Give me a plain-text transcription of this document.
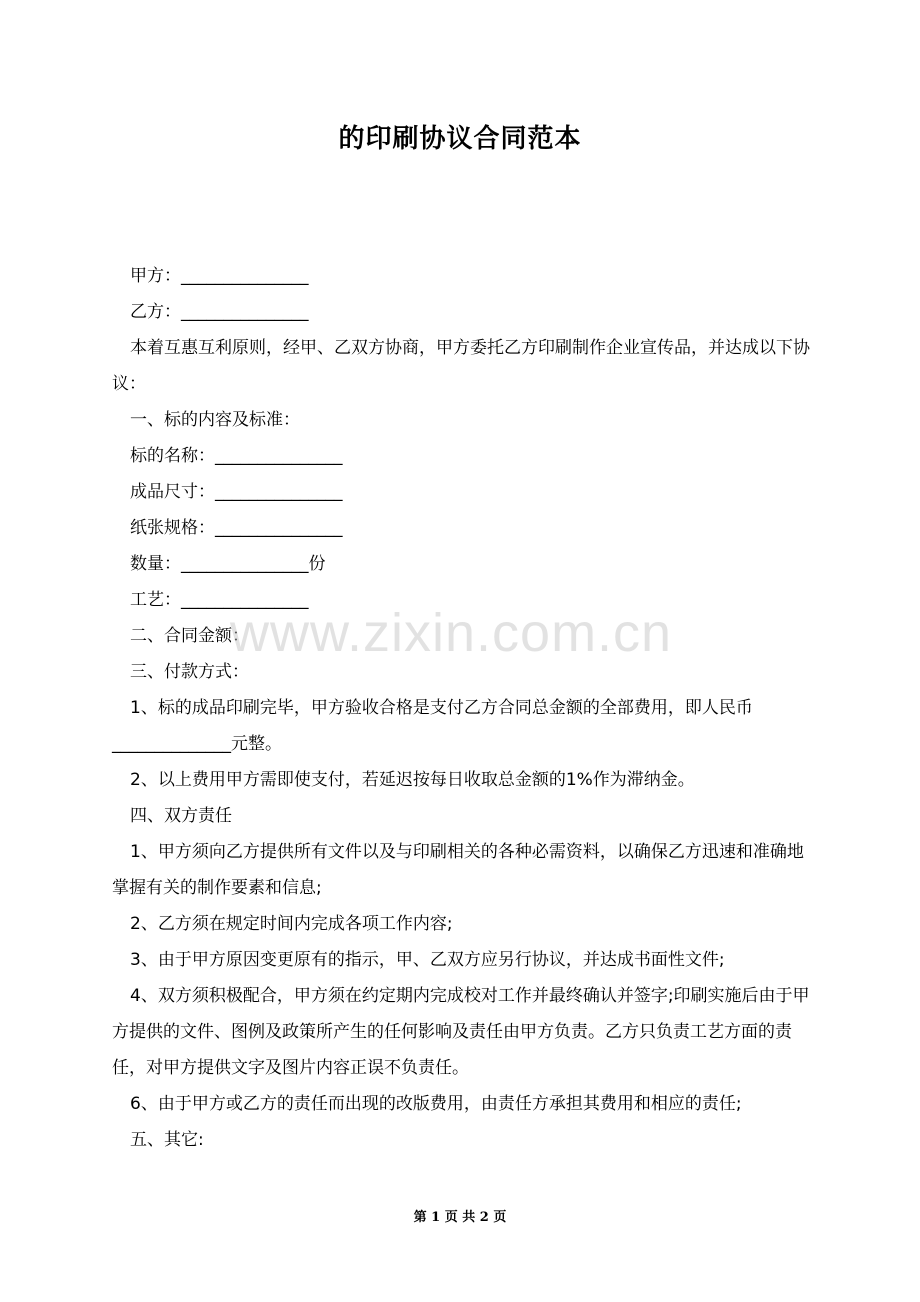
的印刷协议合同范本

甲方：_______________

乙方：_______________

本着互惠互利原则，经甲、乙双方协商，甲方委托乙方印刷制作企业宣传品，并达成以下协议：

一、标的内容及标准：

标的名称：_______________

成品尺寸：_______________

纸张规格：_______________

数量：_______________份

工艺：_______________

二、合同金额：

三、付款方式：

1、标的成品印刷完毕，甲方验收合格是支付乙方合同总金额的全部费用，即人民币______________元整。

2、以上费用甲方需即使支付，若延迟按每日收取总金额的1%作为滞纳金。

四、双方责任

1、甲方须向乙方提供所有文件以及与印刷相关的各种必需资料，以确保乙方迅速和准确地掌握有关的制作要素和信息;

2、乙方须在规定时间内完成各项工作内容;

3、由于甲方原因变更原有的指示，甲、乙双方应另行协议，并达成书面性文件;

4、双方须积极配合，甲方须在约定期内完成校对工作并最终确认并签字;印刷实施后由于甲方提供的文件、图例及政策所产生的任何影响及责任由甲方负责。乙方只负责工艺方面的责任，对甲方提供文字及图片内容正误不负责任。

6、由于甲方或乙方的责任而出现的改版费用，由责任方承担其费用和相应的责任;

五、其它:

www.zixin.com.cn
第 1 页 共 2 页
